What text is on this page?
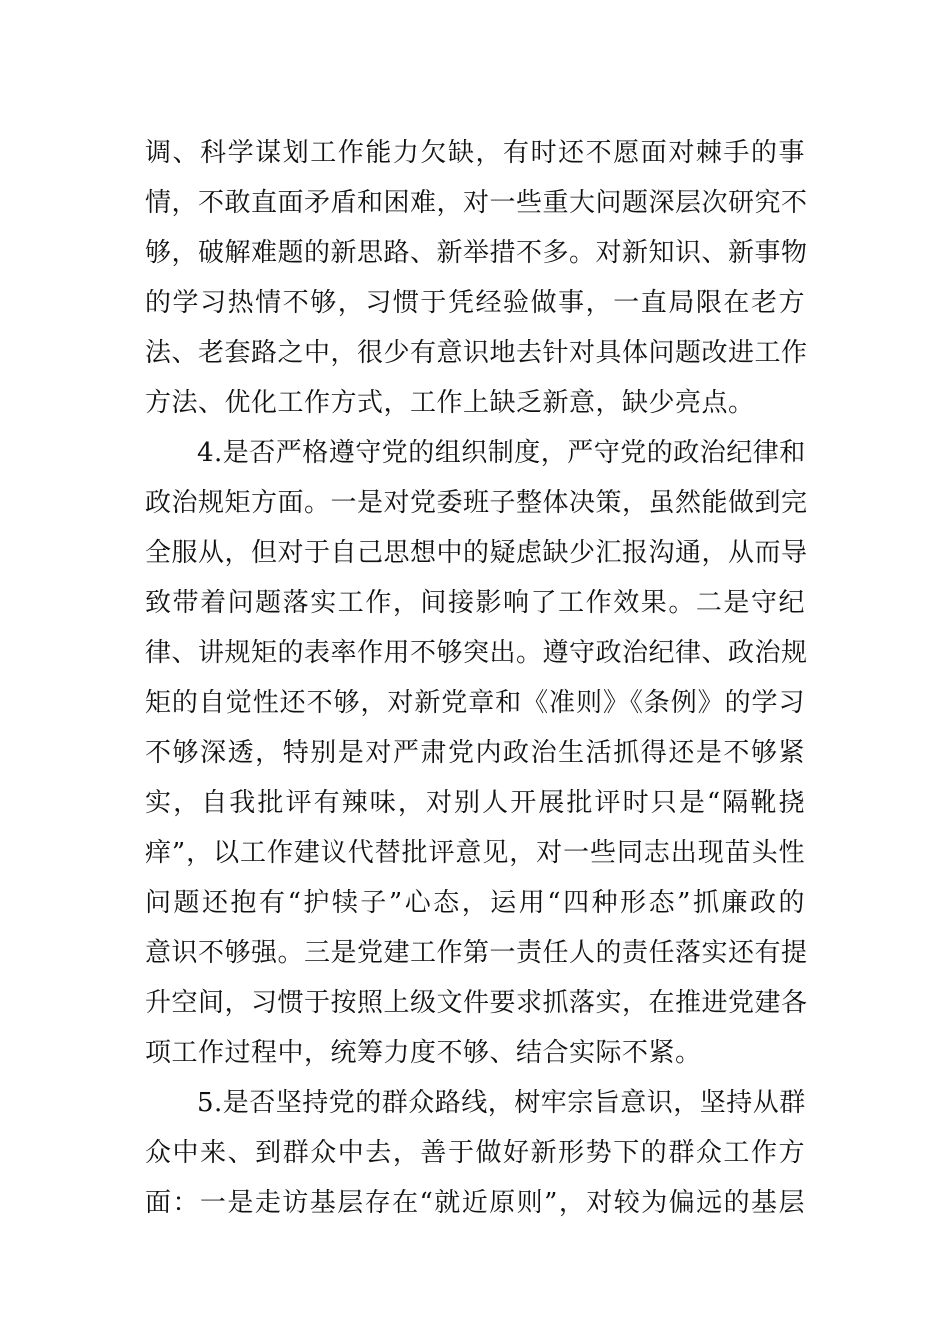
调、科学谋划工作能力欠缺，有时还不愿面对棘手的事
情，不敢直面矛盾和困难，对一些重大问题深层次研究不
够，破解难题的新思路、新举措不多。对新知识、新事物
的学习热情不够，习惯于凭经验做事，一直局限在老方
法、老套路之中，很少有意识地去针对具体问题改进工作
方法、优化工作方式，工作上缺乏新意，缺少亮点。
4.是否严格遵守党的组织制度，严守党的政治纪律和
政治规矩方面。一是对党委班子整体决策，虽然能做到完
全服从，但对于自己思想中的疑虑缺少汇报沟通，从而导
致带着问题落实工作，间接影响了工作效果。二是守纪
律、讲规矩的表率作用不够突出。遵守政治纪律、政治规
矩的自觉性还不够，对新党章和《准则》《条例》的学习
不够深透，特别是对严肃党内政治生活抓得还是不够紧
实，自我批评有辣味，对别人开展批评时只是“隔靴挠
痒”，以工作建议代替批评意见，对一些同志出现苗头性
问题还抱有“护犊子”心态，运用“四种形态”抓廉政的
意识不够强。三是党建工作第一责任人的责任落实还有提
升空间，习惯于按照上级文件要求抓落实，在推进党建各
项工作过程中，统筹力度不够、结合实际不紧。
5.是否坚持党的群众路线，树牢宗旨意识，坚持从群
众中来、到群众中去，善于做好新形势下的群众工作方
面：一是走访基层存在“就近原则”，对较为偏远的基层
